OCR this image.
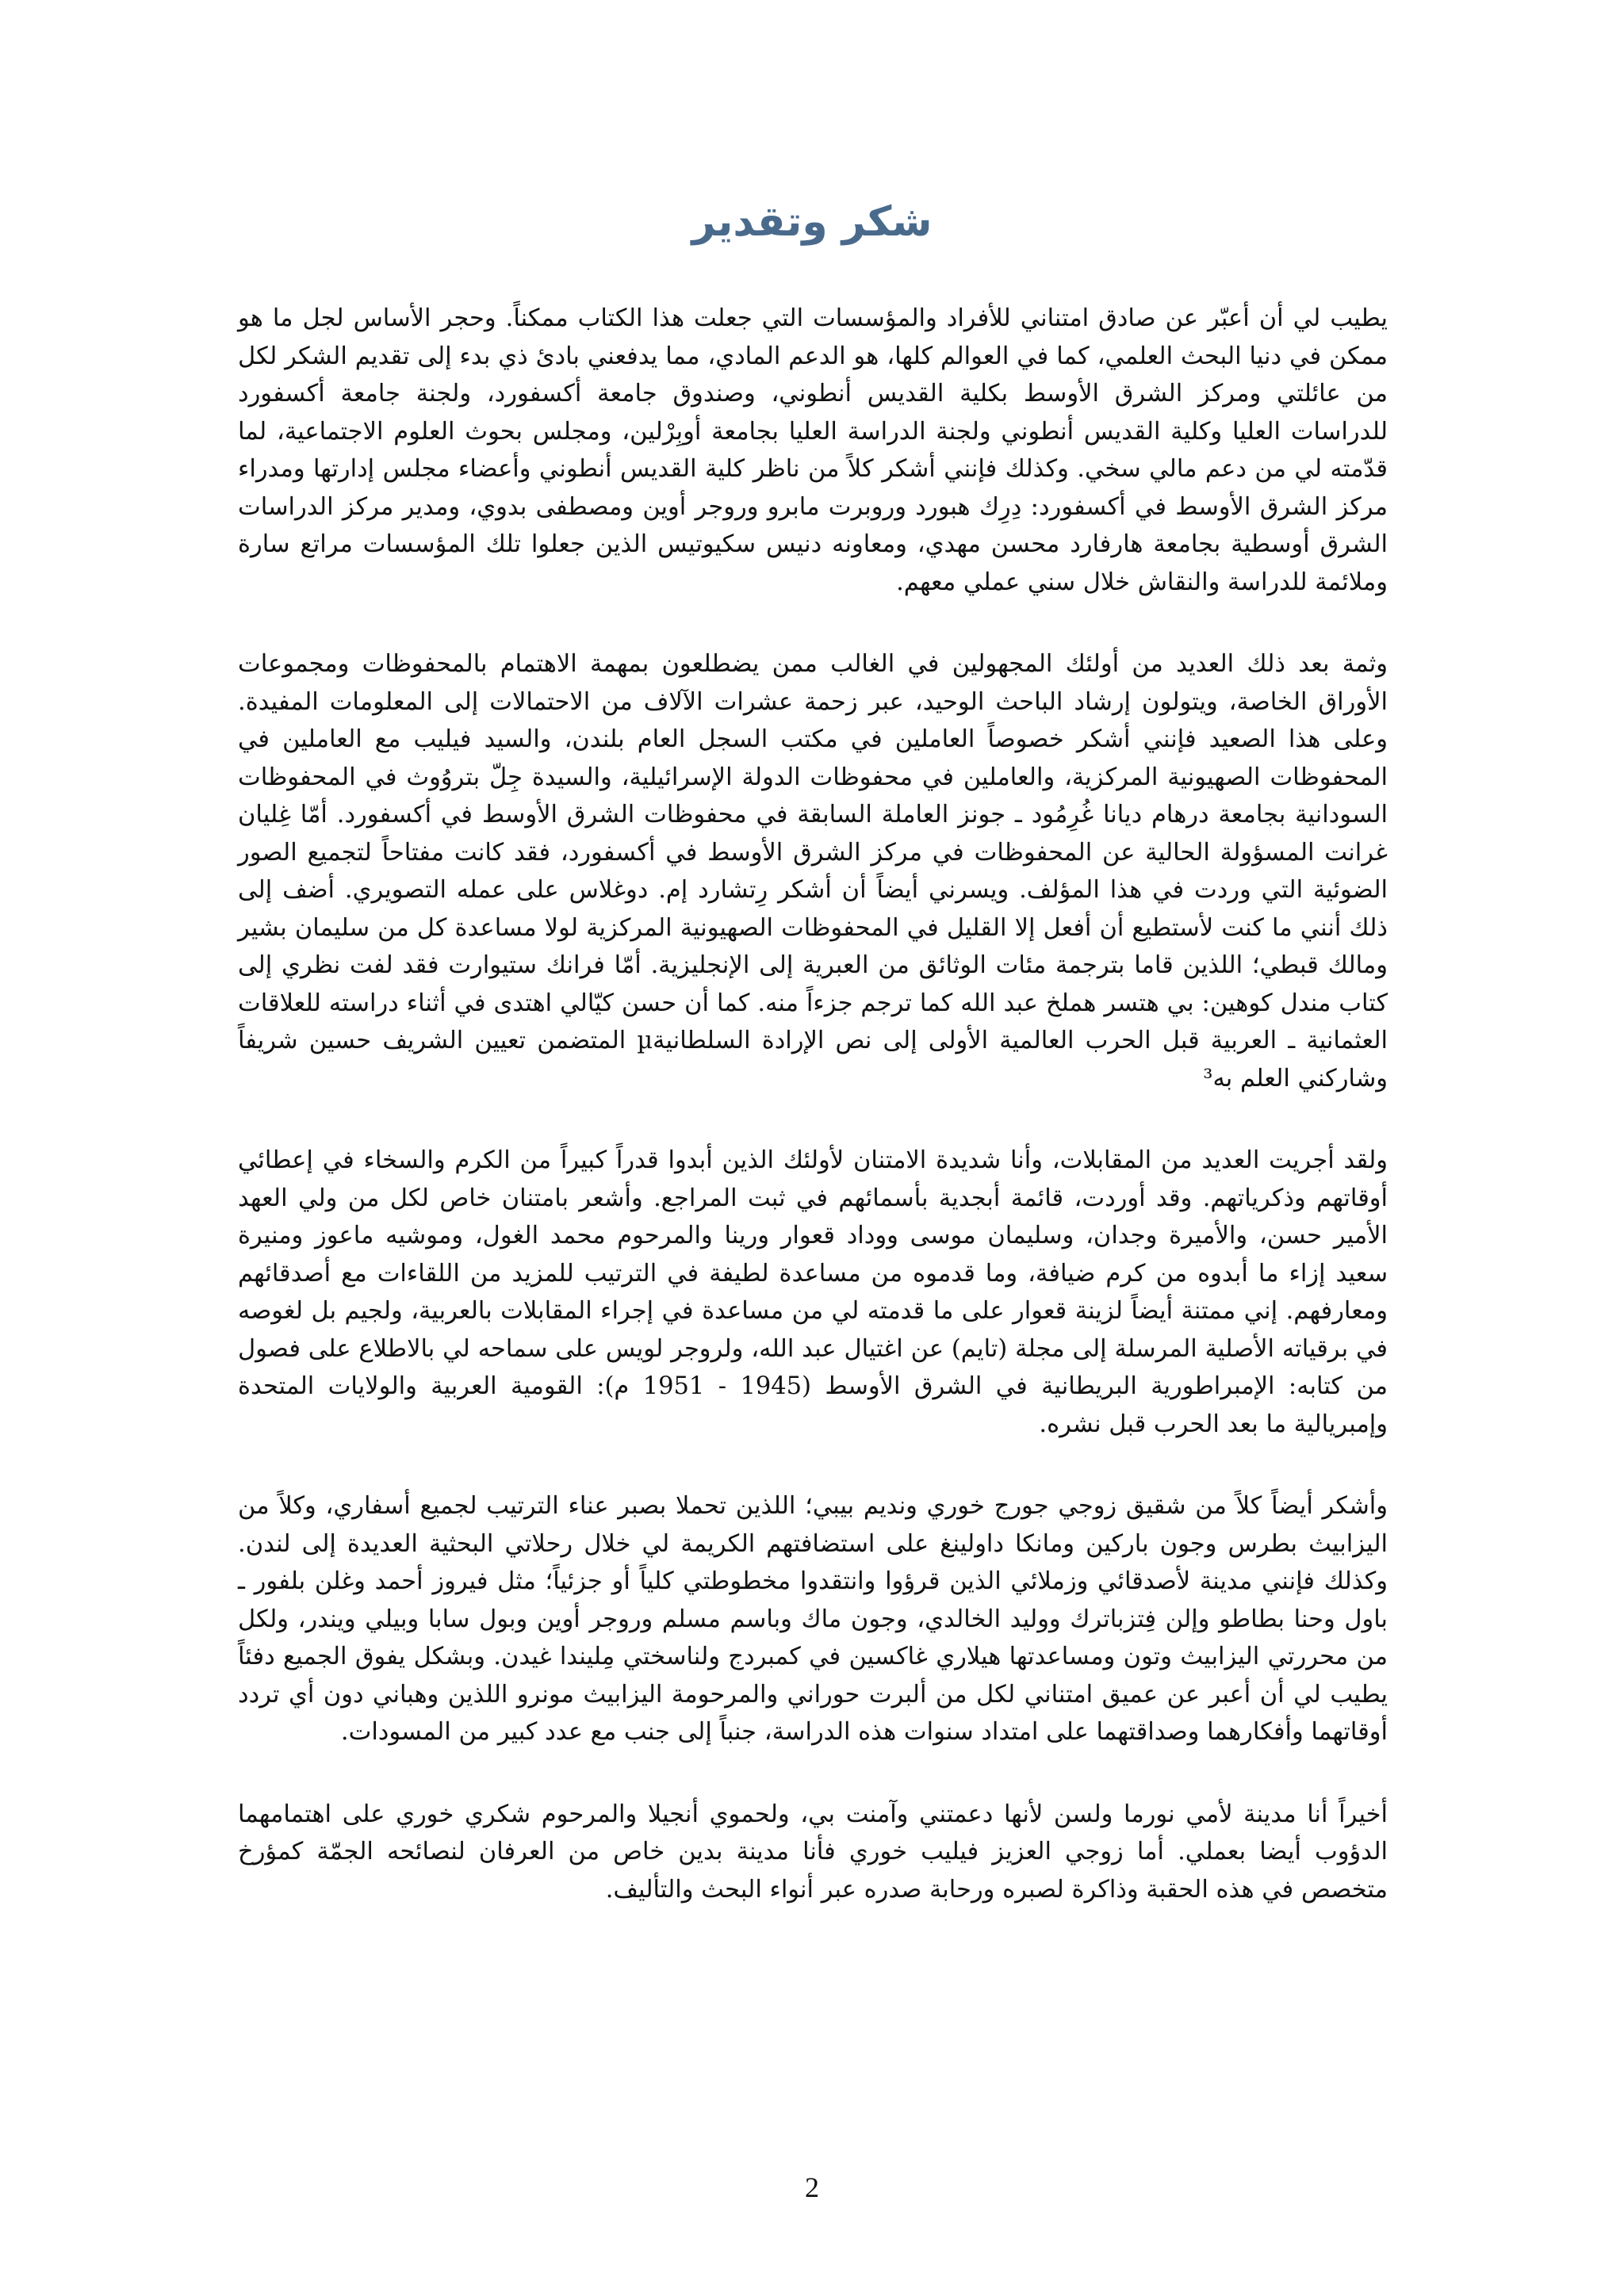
شكر وتقدير

يطيب لي أن أعبّر عن صادق امتناني للأفراد والمؤسسات التي جعلت هذا الكتاب ممكناً. وحجر الأساس لجل ما هو ممكن في دنيا البحث العلمي، كما في العوالم كلها، هو الدعم المادي، مما يدفعني بادئ ذي بدء إلى تقديم الشكر لكل من عائلتي ومركز الشرق الأوسط بكلية القديس أنطوني، وصندوق جامعة أكسفورد، ولجنة جامعة أكسفورد للدراسات العليا وكلية القديس أنطوني ولجنة الدراسة العليا بجامعة أوبِرْلين، ومجلس بحوث العلوم الاجتماعية، لما قدّمته لي من دعم مالي سخي. وكذلك فإنني أشكر كلاً من ناظر كلية القديس أنطوني وأعضاء مجلس إدارتها ومدراء مركز الشرق الأوسط في أكسفورد: دِرِك هبورد وروبرت مابرو وروجر أوين ومصطفى بدوي، ومدير مركز الدراسات الشرق أوسطية بجامعة هارفارد محسن مهدي، ومعاونه دنيس سكيوتيس الذين جعلوا تلك المؤسسات مراتع سارة وملائمة للدراسة والنقاش خلال سني عملي معهم.

وثمة بعد ذلك العديد من أولئك المجهولين في الغالب ممن يضطلعون بمهمة الاهتمام بالمحفوظات ومجموعات الأوراق الخاصة، ويتولون إرشاد الباحث الوحيد، عبر زحمة عشرات الآلاف من الاحتمالات إلى المعلومات المفيدة. وعلى هذا الصعيد فإنني أشكر خصوصاً العاملين في مكتب السجل العام بلندن، والسيد فيليب مع العاملين في المحفوظات الصهيونية المركزية، والعاملين في محفوظات الدولة الإسرائيلية، والسيدة جِلّ بتروُوث في المحفوظات السودانية بجامعة درهام ديانا غُرِمُود ـ جونز العاملة السابقة في محفوظات الشرق الأوسط في أكسفورد. أمّا غِليان غرانت المسؤولة الحالية عن المحفوظات في مركز الشرق الأوسط في أكسفورد، فقد كانت مفتاحاً لتجميع الصور الضوئية التي وردت في هذا المؤلف. ويسرني أيضاً أن أشكر رِتشارد إم. دوغلاس على عمله التصويري. أضف إلى ذلك أنني ما كنت لأستطيع أن أفعل إلا القليل في المحفوظات الصهيونية المركزية لولا مساعدة كل من سليمان بشير ومالك قبطي؛ اللذين قاما بترجمة مئات الوثائق من العبرية إلى الإنجليزية. أمّا فرانك ستيوارت فقد لفت نظري إلى كتاب مندل كوهين: بي هتسر هملخ عبد الله كما ترجم جزءاً منه. كما أن حسن كيّالي اهتدى في أثناء دراسته للعلاقات العثمانية ـ العربية قبل الحرب العالمية الأولى إلى نص الإرادة السلطانيةµ المتضمن تعيين الشريف حسين شريفاً وشاركني العلم به³

ولقد أجريت العديد من المقابلات، وأنا شديدة الامتنان لأولئك الذين أبدوا قدراً كبيراً من الكرم والسخاء في إعطائي أوقاتهم وذكرياتهم. وقد أوردت، قائمة أبجدية بأسمائهم في ثبت المراجع. وأشعر بامتنان خاص لكل من ولي العهد الأمير حسن، والأميرة وجدان، وسليمان موسى ووداد قعوار ورينا والمرحوم محمد الغول، وموشيه ماعوز ومنيرة سعيد إزاء ما أبدوه من كرم ضيافة، وما قدموه من مساعدة لطيفة في الترتيب للمزيد من اللقاءات مع أصدقائهم ومعارفهم. إني ممتنة أيضاً لزينة قعوار على ما قدمته لي من مساعدة في إجراء المقابلات بالعربية، ولجيم بل لغوصه في برقياته الأصلية المرسلة إلى مجلة (تايم) عن اغتيال عبد الله، ولروجر لويس على سماحه لي بالاطلاع على فصول من كتابه: الإمبراطورية البريطانية في الشرق الأوسط (1945 - 1951 م): القومية العربية والولايات المتحدة وإمبريالية ما بعد الحرب قبل نشره.

وأشكر أيضاً كلاً من شقيق زوجي جورج خوري ونديم بيبي؛ اللذين تحملا بصبر عناء الترتيب لجميع أسفاري، وكلاً من اليزابيث بطرس وجون باركين ومانكا داولينغ على استضافتهم الكريمة لي خلال رحلاتي البحثية العديدة إلى لندن. وكذلك فإنني مدينة لأصدقائي وزملائي الذين قرؤوا وانتقدوا مخطوطتي كلياً أو جزئياً؛ مثل فيروز أحمد وغلن بلفور ـ باول وحنا بطاطو وإلن فِتزباترك ووليد الخالدي، وجون ماك وباسم مسلم وروجر أوين وبول سابا وبيلي ويندر، ولكل من محررتي اليزابيث وتون ومساعدتها هيلاري غاكسين في كمبردج ولناسختي مِليندا غيدن. وبشكل يفوق الجميع دفئاً يطيب لي أن أعبر عن عميق امتناني لكل من ألبرت حوراني والمرحومة اليزابيث مونرو اللذين وهباني دون أي تردد أوقاتهما وأفكارهما وصداقتهما على امتداد سنوات هذه الدراسة، جنباً إلى جنب مع عدد كبير من المسودات.

أخيراً أنا مدينة لأمي نورما ولسن لأنها دعمتني وآمنت بي، ولحموي أنجيلا والمرحوم شكري خوري على اهتمامهما الدؤوب أيضا بعملي. أما زوجي العزيز فيليب خوري فأنا مدينة بدين خاص من العرفان لنصائحه الجمّة كمؤرخ متخصص في هذه الحقبة وذاكرة لصبره ورحابة صدره عبر أنواء البحث والتأليف.

2
